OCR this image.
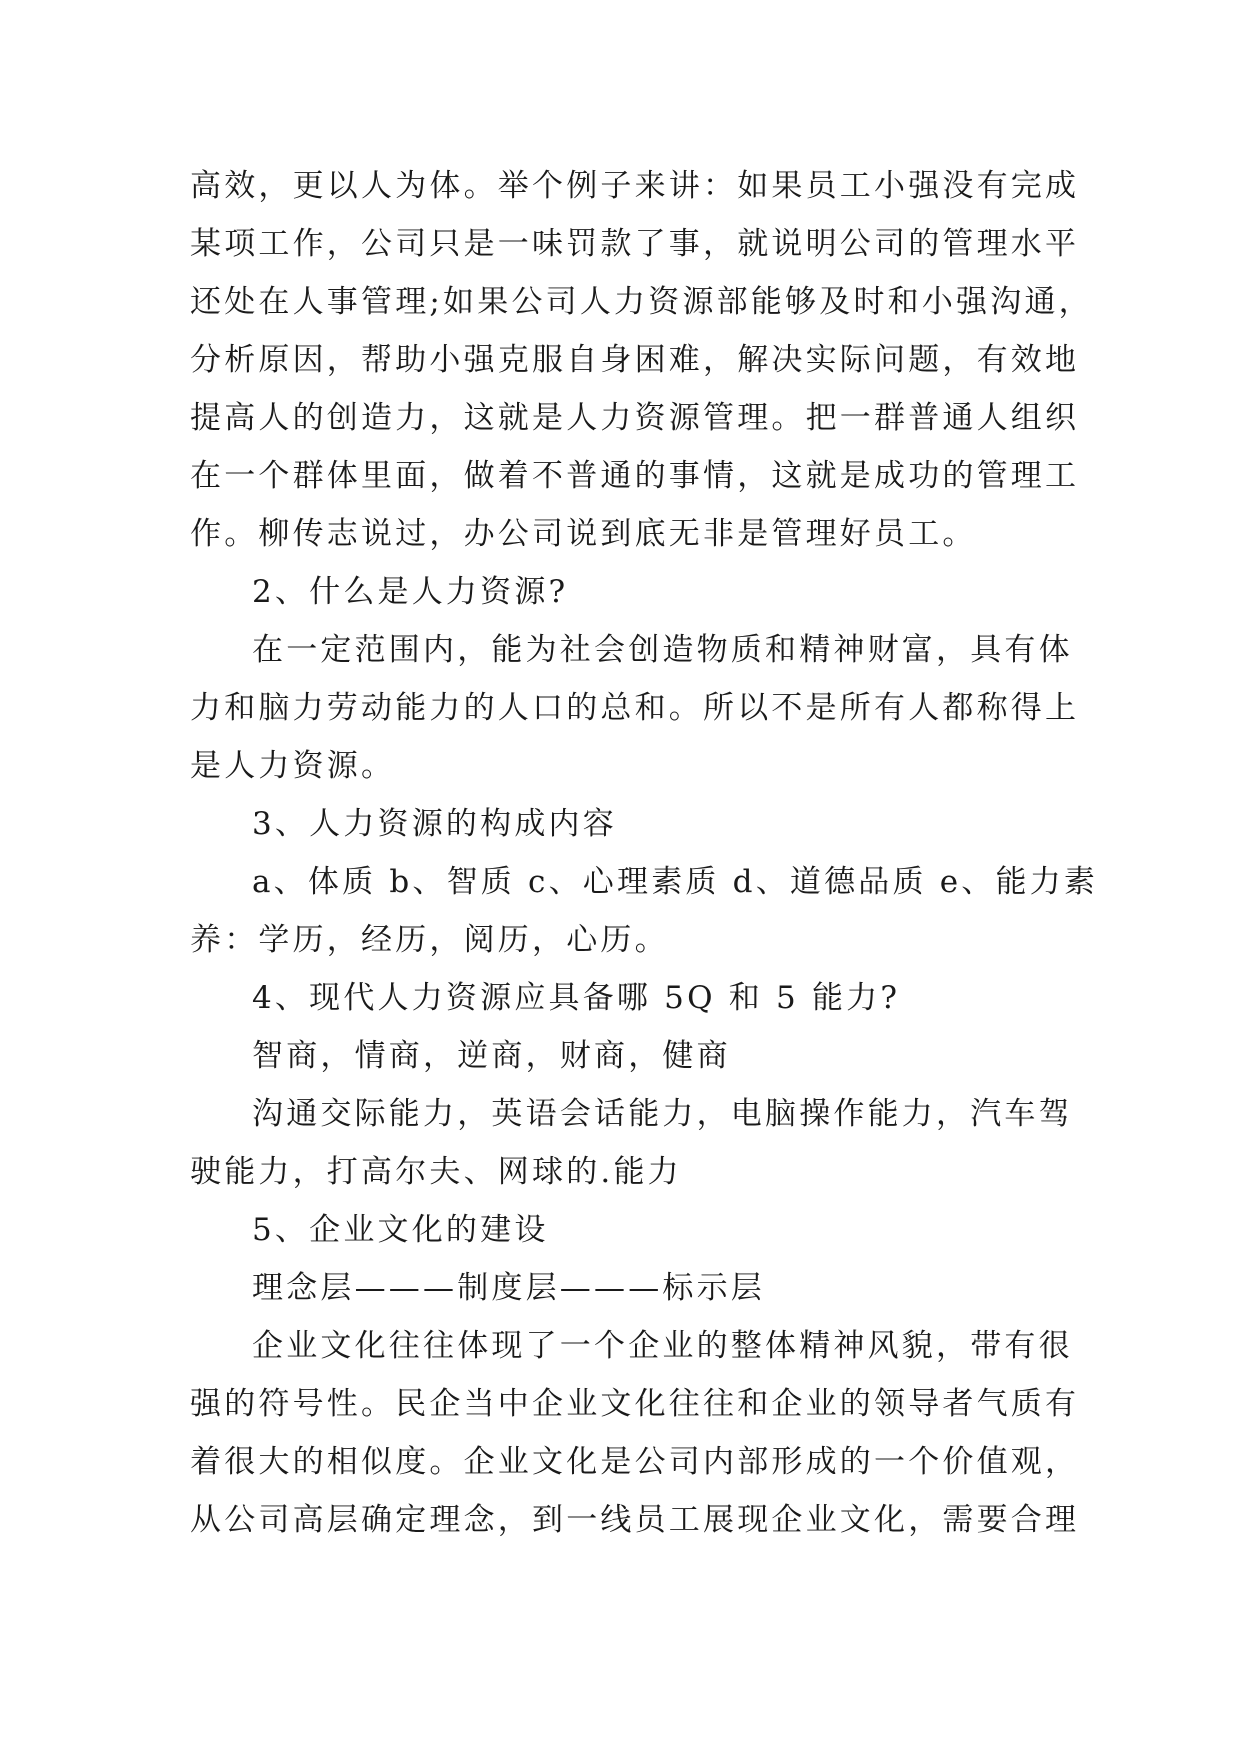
高效，更以人为体。举个例子来讲：如果员工小强没有完成
某项工作，公司只是一味罚款了事，就说明公司的管理水平
还处在人事管理;如果公司人力资源部能够及时和小强沟通，
分析原因，帮助小强克服自身困难，解决实际问题，有效地
提高人的创造力，这就是人力资源管理。把一群普通人组织
在一个群体里面，做着不普通的事情，这就是成功的管理工
作。柳传志说过，办公司说到底无非是管理好员工。
2、什么是人力资源?
在一定范围内，能为社会创造物质和精神财富，具有体
力和脑力劳动能力的人口的总和。所以不是所有人都称得上
是人力资源。
3、人力资源的构成内容
a、体质 b、智质 c、心理素质 d、道德品质 e、能力素
养：学历，经历，阅历，心历。
4、现代人力资源应具备哪 5Q 和 5 能力?
智商，情商，逆商，财商，健商
沟通交际能力，英语会话能力，电脑操作能力，汽车驾
驶能力，打高尔夫、网球的.能力
5、企业文化的建设
理念层———制度层———标示层
企业文化往往体现了一个企业的整体精神风貌，带有很
强的符号性。民企当中企业文化往往和企业的领导者气质有
着很大的相似度。企业文化是公司内部形成的一个价值观，
从公司高层确定理念，到一线员工展现企业文化，需要合理
